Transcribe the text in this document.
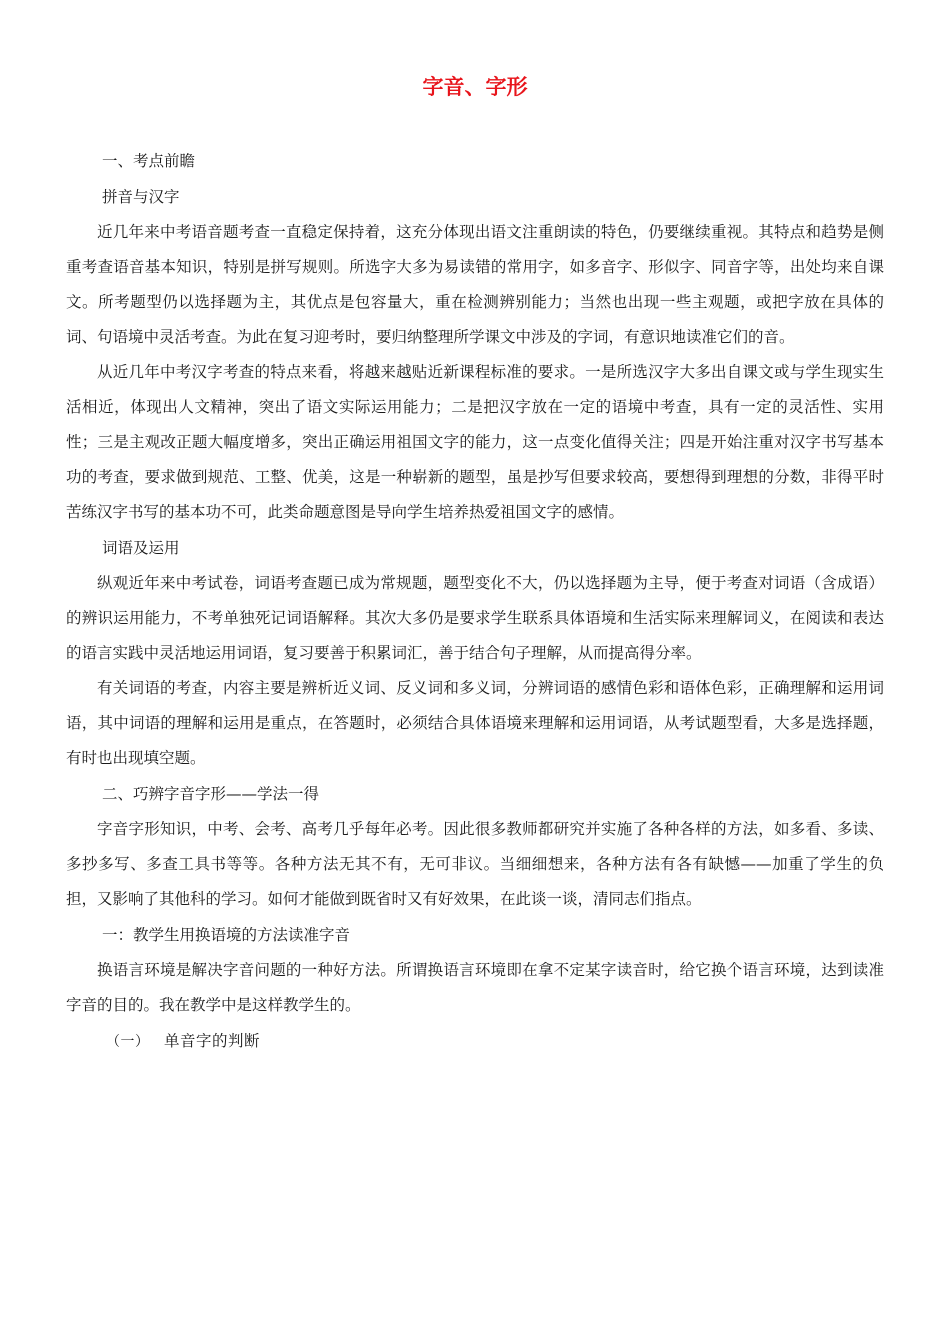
字音、字形

一、考点前瞻

拼音与汉字

近几年来中考语音题考查一直稳定保持着，这充分体现出语文注重朗读的特色，仍要继续重视。其特点和趋势是侧重考查语音基本知识，特别是拼写规则。所选字大多为易读错的常用字，如多音字、形似字、同音字等，出处均来自课文。所考题型仍以选择题为主，其优点是包容量大，重在检测辨别能力；当然也出现一些主观题，或把字放在具体的词、句语境中灵活考查。为此在复习迎考时，要归纳整理所学课文中涉及的字词，有意识地读准它们的音。

从近几年中考汉字考查的特点来看，将越来越贴近新课程标准的要求。一是所选汉字大多出自课文或与学生现实生活相近，体现出人文精神，突出了语文实际运用能力；二是把汉字放在一定的语境中考查，具有一定的灵活性、实用性；三是主观改正题大幅度增多，突出正确运用祖国文字的能力，这一点变化值得关注；四是开始注重对汉字书写基本功的考查，要求做到规范、工整、优美，这是一种崭新的题型，虽是抄写但要求较高，要想得到理想的分数，非得平时苦练汉字书写的基本功不可，此类命题意图是导向学生培养热爱祖国文字的感情。

词语及运用

纵观近年来中考试卷，词语考查题已成为常规题，题型变化不大，仍以选择题为主导，便于考查对词语（含成语）的辨识运用能力，不考单独死记词语解释。其次大多仍是要求学生联系具体语境和生活实际来理解词义，在阅读和表达的语言实践中灵活地运用词语，复习要善于积累词汇，善于结合句子理解，从而提高得分率。

有关词语的考查，内容主要是辨析近义词、反义词和多义词，分辨词语的感情色彩和语体色彩，正确理解和运用词语，其中词语的理解和运用是重点，在答题时，必须结合具体语境来理解和运用词语，从考试题型看，大多是选择题，有时也出现填空题。

二、巧辨字音字形——学法一得

字音字形知识，中考、会考、高考几乎每年必考。因此很多教师都研究并实施了各种各样的方法，如多看、多读、多抄多写、多查工具书等等。各种方法无其不有，无可非议。当细细想来，各种方法有各有缺憾——加重了学生的负担，又影响了其他科的学习。如何才能做到既省时又有好效果，在此谈一谈，清同志们指点。

一：教学生用换语境的方法读准字音

换语言环境是解决字音问题的一种好方法。所谓换语言环境即在拿不定某字读音时，给它换个语言环境，达到读准字音的目的。我在教学中是这样教学生的。

（一） 单音字的判断
